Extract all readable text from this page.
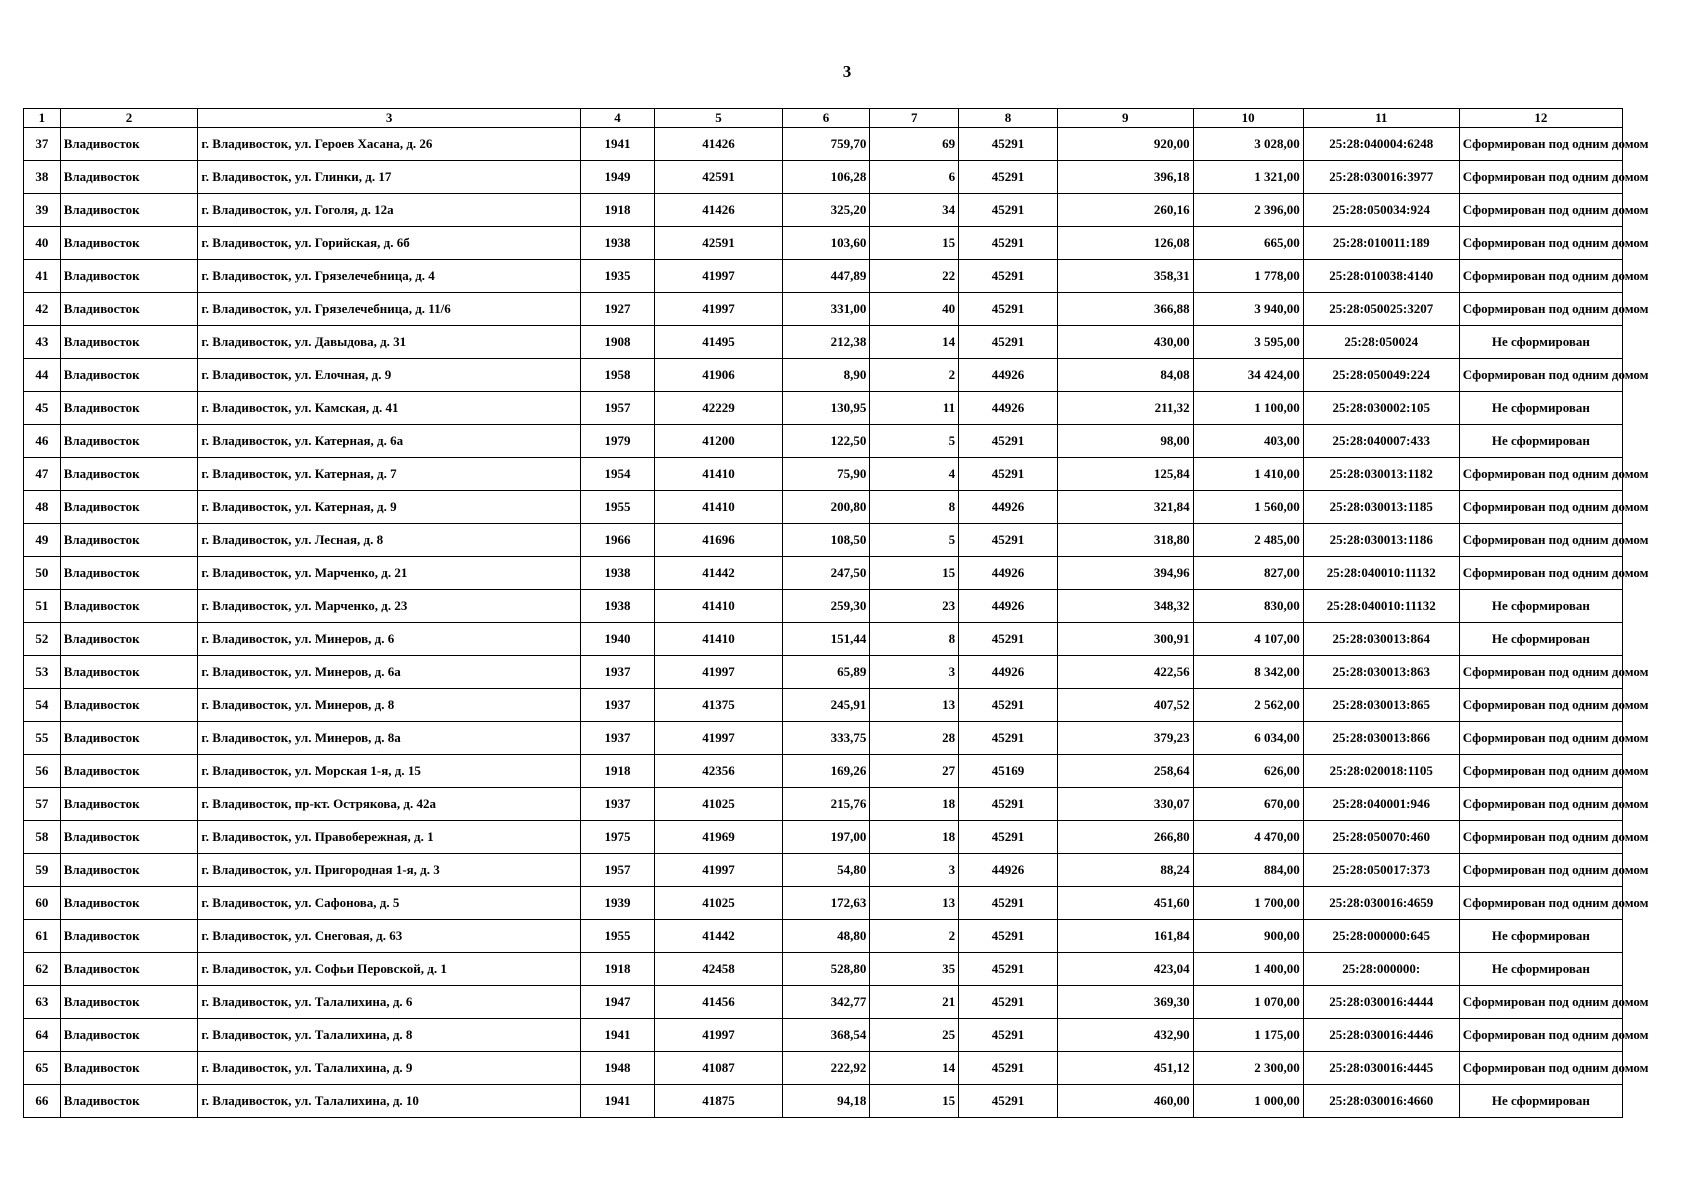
3
1	2	3	4	5	6	7	8	9	10	11	12
37	Владивосток	г. Владивосток, ул. Героев Хасана, д. 26	1941	41426	759,70	69	45291	920,00	3 028,00	25:28:040004:6248	Сформирован под одним домом
38	Владивосток	г. Владивосток, ул. Глинки, д. 17	1949	42591	106,28	6	45291	396,18	1 321,00	25:28:030016:3977	Сформирован под одним домом
39	Владивосток	г. Владивосток, ул. Гоголя, д. 12а	1918	41426	325,20	34	45291	260,16	2 396,00	25:28:050034:924	Сформирован под одним домом
40	Владивосток	г. Владивосток, ул. Горийская, д. 6б	1938	42591	103,60	15	45291	126,08	665,00	25:28:010011:189	Сформирован под одним домом
41	Владивосток	г. Владивосток, ул. Грязелечебница, д. 4	1935	41997	447,89	22	45291	358,31	1 778,00	25:28:010038:4140	Сформирован под одним домом
42	Владивосток	г. Владивосток, ул. Грязелечебница, д. 11/6	1927	41997	331,00	40	45291	366,88	3 940,00	25:28:050025:3207	Сформирован под одним домом
43	Владивосток	г. Владивосток, ул. Давыдова, д. 31	1908	41495	212,38	14	45291	430,00	3 595,00	25:28:050024	Не сформирован
44	Владивосток	г. Владивосток, ул. Елочная, д. 9	1958	41906	8,90	2	44926	84,08	34 424,00	25:28:050049:224	Сформирован под одним домом
45	Владивосток	г. Владивосток, ул. Камская, д. 41	1957	42229	130,95	11	44926	211,32	1 100,00	25:28:030002:105	Не сформирован
46	Владивосток	г. Владивосток, ул. Катерная, д. 6а	1979	41200	122,50	5	45291	98,00	403,00	25:28:040007:433	Не сформирован
47	Владивосток	г. Владивосток, ул. Катерная, д. 7	1954	41410	75,90	4	45291	125,84	1 410,00	25:28:030013:1182	Сформирован под одним домом
48	Владивосток	г. Владивосток, ул. Катерная, д. 9	1955	41410	200,80	8	44926	321,84	1 560,00	25:28:030013:1185	Сформирован под одним домом
49	Владивосток	г. Владивосток, ул. Лесная, д. 8	1966	41696	108,50	5	45291	318,80	2 485,00	25:28:030013:1186	Сформирован под одним домом
50	Владивосток	г. Владивосток, ул. Марченко, д. 21	1938	41442	247,50	15	44926	394,96	827,00	25:28:040010:11132	Сформирован под одним домом
51	Владивосток	г. Владивосток, ул. Марченко, д. 23	1938	41410	259,30	23	44926	348,32	830,00	25:28:040010:11132	Не сформирован
52	Владивосток	г. Владивосток, ул. Минеров, д. 6	1940	41410	151,44	8	45291	300,91	4 107,00	25:28:030013:864	Не сформирован
53	Владивосток	г. Владивосток, ул. Минеров, д. 6а	1937	41997	65,89	3	44926	422,56	8 342,00	25:28:030013:863	Сформирован под одним домом
54	Владивосток	г. Владивосток, ул. Минеров, д. 8	1937	41375	245,91	13	45291	407,52	2 562,00	25:28:030013:865	Сформирован под одним домом
55	Владивосток	г. Владивосток, ул. Минеров, д. 8а	1937	41997	333,75	28	45291	379,23	6 034,00	25:28:030013:866	Сформирован под одним домом
56	Владивосток	г. Владивосток, ул. Морская 1-я, д. 15	1918	42356	169,26	27	45169	258,64	626,00	25:28:020018:1105	Сформирован под одним домом
57	Владивосток	г. Владивосток, пр-кт. Острякова, д. 42а	1937	41025	215,76	18	45291	330,07	670,00	25:28:040001:946	Сформирован под одним домом
58	Владивосток	г. Владивосток, ул. Правобережная, д. 1	1975	41969	197,00	18	45291	266,80	4 470,00	25:28:050070:460	Сформирован под одним домом
59	Владивосток	г. Владивосток, ул. Пригородная 1-я, д. 3	1957	41997	54,80	3	44926	88,24	884,00	25:28:050017:373	Сформирован под одним домом
60	Владивосток	г. Владивосток, ул. Сафонова, д. 5	1939	41025	172,63	13	45291	451,60	1 700,00	25:28:030016:4659	Сформирован под одним домом
61	Владивосток	г. Владивосток, ул. Снеговая, д. 63	1955	41442	48,80	2	45291	161,84	900,00	25:28:000000:645	Не сформирован
62	Владивосток	г. Владивосток, ул. Софьи Перовской, д. 1	1918	42458	528,80	35	45291	423,04	1 400,00	25:28:000000:	Не сформирован
63	Владивосток	г. Владивосток, ул. Талалихина, д. 6	1947	41456	342,77	21	45291	369,30	1 070,00	25:28:030016:4444	Сформирован под одним домом
64	Владивосток	г. Владивосток, ул. Талалихина, д. 8	1941	41997	368,54	25	45291	432,90	1 175,00	25:28:030016:4446	Сформирован под одним домом
65	Владивосток	г. Владивосток, ул. Талалихина, д. 9	1948	41087	222,92	14	45291	451,12	2 300,00	25:28:030016:4445	Сформирован под одним домом
66	Владивосток	г. Владивосток, ул. Талалихина, д. 10	1941	41875	94,18	15	45291	460,00	1 000,00	25:28:030016:4660	Не сформирован
